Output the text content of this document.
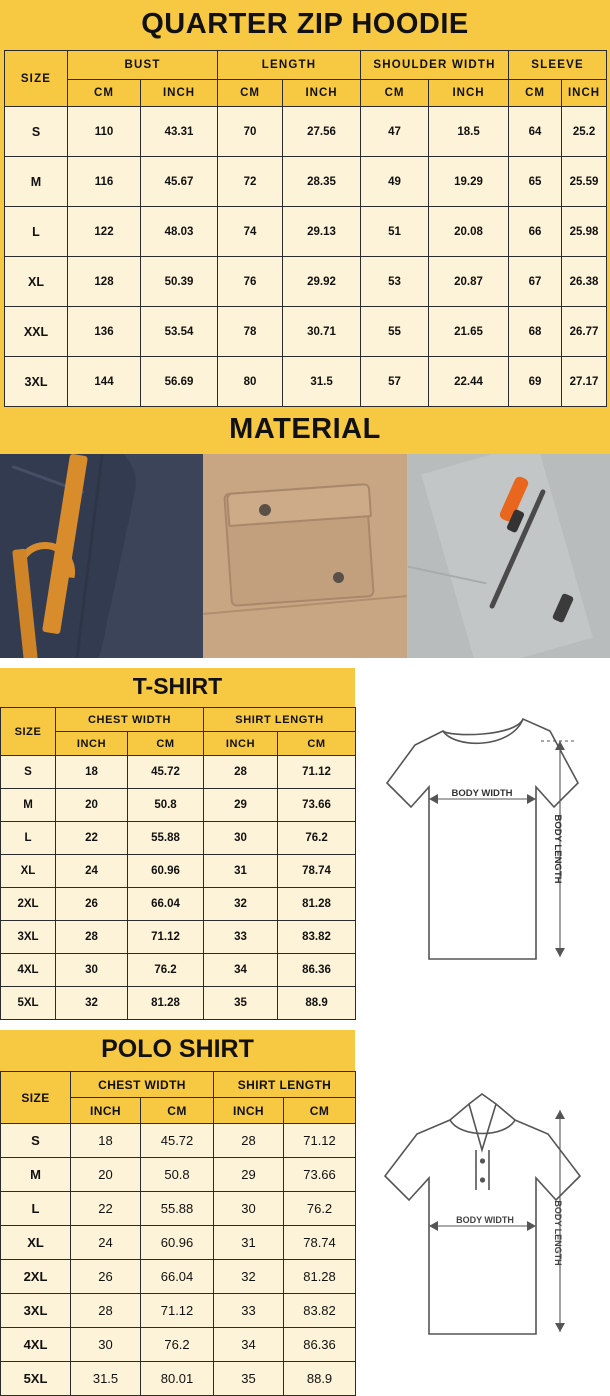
QUARTER ZIP HOODIE
SIZE	BUST		LENGTH		SHOULDER WIDTH		SLEEVE	
	CM	INCH	CM	INCH	CM	INCH	CM	INCH
S	110	43.31	70	27.56	47	18.5	64	25.2
M	116	45.67	72	28.35	49	19.29	65	25.59
L	122	48.03	74	29.13	51	20.08	66	25.98
XL	128	50.39	76	29.92	53	20.87	67	26.38
XXL	136	53.54	78	30.71	55	21.65	68	26.77
3XL	144	56.69	80	31.5	57	22.44	69	27.17
MATERIAL
T-SHIRT
SIZE	CHEST WIDTH		SHIRT LENGTH	
	INCH	CM	INCH	CM
S	18	45.72	28	71.12
M	20	50.8	29	73.66
L	22	55.88	30	76.2
XL	24	60.96	31	78.74
2XL	26	66.04	32	81.28
3XL	28	71.12	33	83.82
4XL	30	76.2	34	86.36
5XL	32	81.28	35	88.9
BODY WIDTH
BODY LENGTH
POLO SHIRT
SIZE	CHEST WIDTH		SHIRT LENGTH	
	INCH	CM	INCH	CM
S	18	45.72	28	71.12
M	20	50.8	29	73.66
L	22	55.88	30	76.2
XL	24	60.96	31	78.74
2XL	26	66.04	32	81.28
3XL	28	71.12	33	83.82
4XL	30	76.2	34	86.36
5XL	31.5	80.01	35	88.9
BODY WIDTH	BODY LENGTH
